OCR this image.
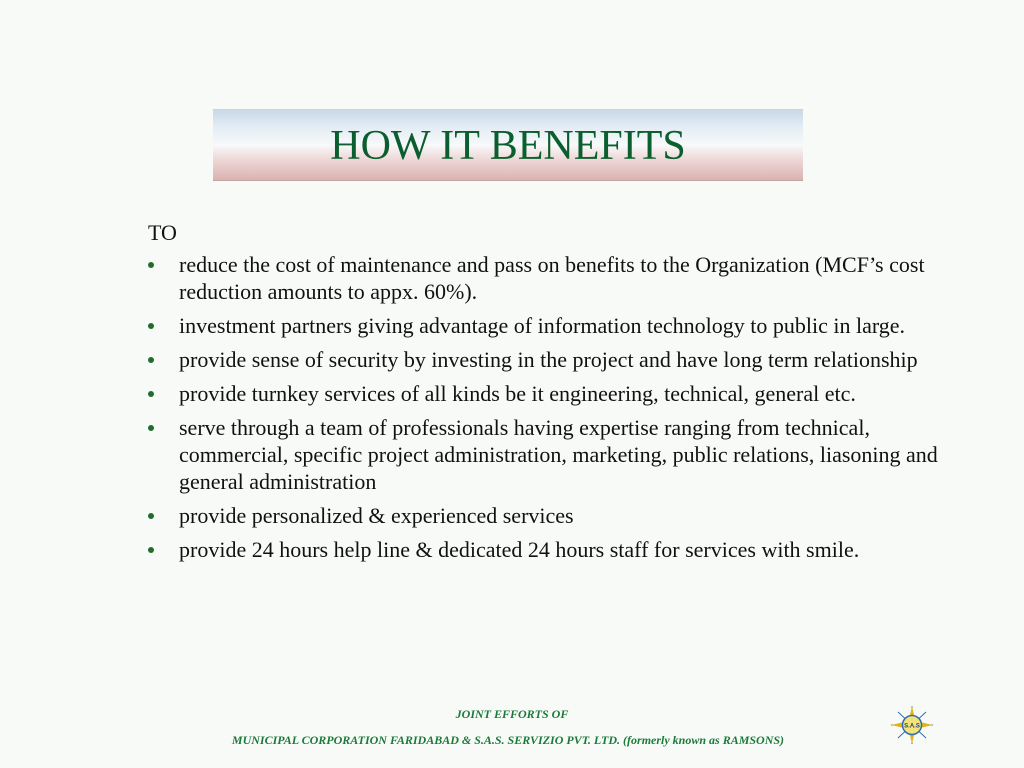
HOW IT BENEFITS
TO
reduce the cost of maintenance and pass on benefits to the Organization (MCF’s cost reduction amounts to appx. 60%).
investment partners giving advantage of information technology to public in large.
provide sense of security by investing in the project and have long term relationship
provide turnkey services of all kinds be it engineering, technical, general etc.
serve through a team of professionals having expertise ranging from technical, commercial, specific project administration, marketing, public relations, liasoning and general administration
provide personalized & experienced services
provide 24 hours help line & dedicated 24 hours staff for services with smile.
JOINT EFFORTS OF
MUNICIPAL CORPORATION FARIDABAD & S.A.S. SERVIZIO PVT. LTD. (formerly known as RAMSONS)
S.A.S
